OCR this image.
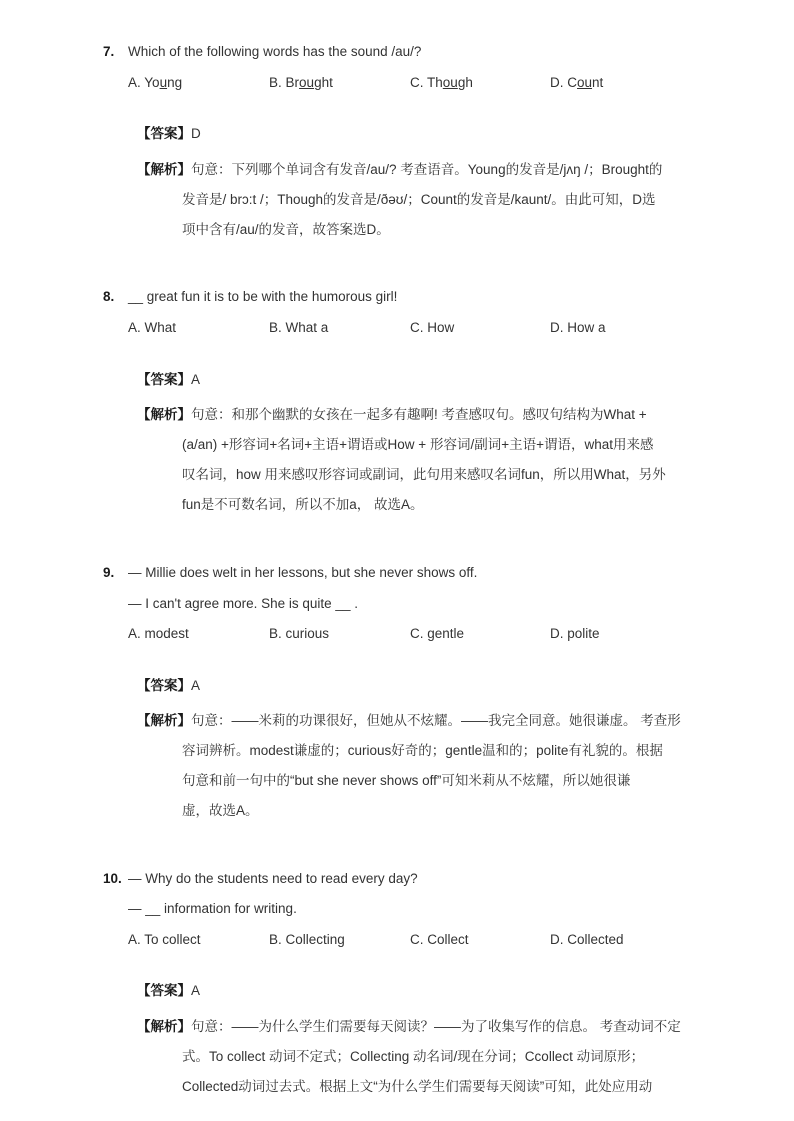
7. Which of the following words has the sound /au/?
A. Young	B. Brought	C. Though	D. Count
【答案】D
【解析】句意：下列哪个单词含有发音/au/? 考查语音。Young的发音是/jʌŋ /；Brought的
发音是/ brɔ:t /；Though的发音是/ðəʊ/；Count的发音是/kaunt/。由此可知，D选
项中含有/au/的发音，故答案选D。
8. __ great fun it is to be with the humorous girl!
A. What	B. What a	C. How	D. How a
【答案】A
【解析】句意：和那个幽默的女孩在一起多有趣啊! 考查感叹句。感叹句结构为What +
(a/an) +形容词+名词+主语+谓语或How + 形容词/副词+主语+谓语，what用来感
叹名词，how 用来感叹形容词或副词，此句用来感叹名词fun，所以用What，另外
fun是不可数名词，所以不加a， 故选A。
9. — Millie does welt in her lessons, but she never shows off.
— I can't agree more. She is quite __ .
A. modest	B. curious	C. gentle	D. polite
【答案】A
【解析】句意：——米莉的功课很好，但她从不炫耀。——我完全同意。她很谦虚。 考查形
容词辨析。modest谦虚的；curious好奇的；gentle温和的；polite有礼貌的。根据
句意和前一句中的“but she never shows off”可知米莉从不炫耀，所以她很谦
虚，故选A。
10. — Why do the students need to read every day?
— __ information for writing.
A. To collect	B. Collecting	C. Collect	D. Collected
【答案】A
【解析】句意：——为什么学生们需要每天阅读？——为了收集写作的信息。 考查动词不定
式。To collect 动词不定式；Collecting 动名词/现在分词；Ccollect 动词原形；
Collected动词过去式。根据上文“为什么学生们需要每天阅读”可知，此处应用动
